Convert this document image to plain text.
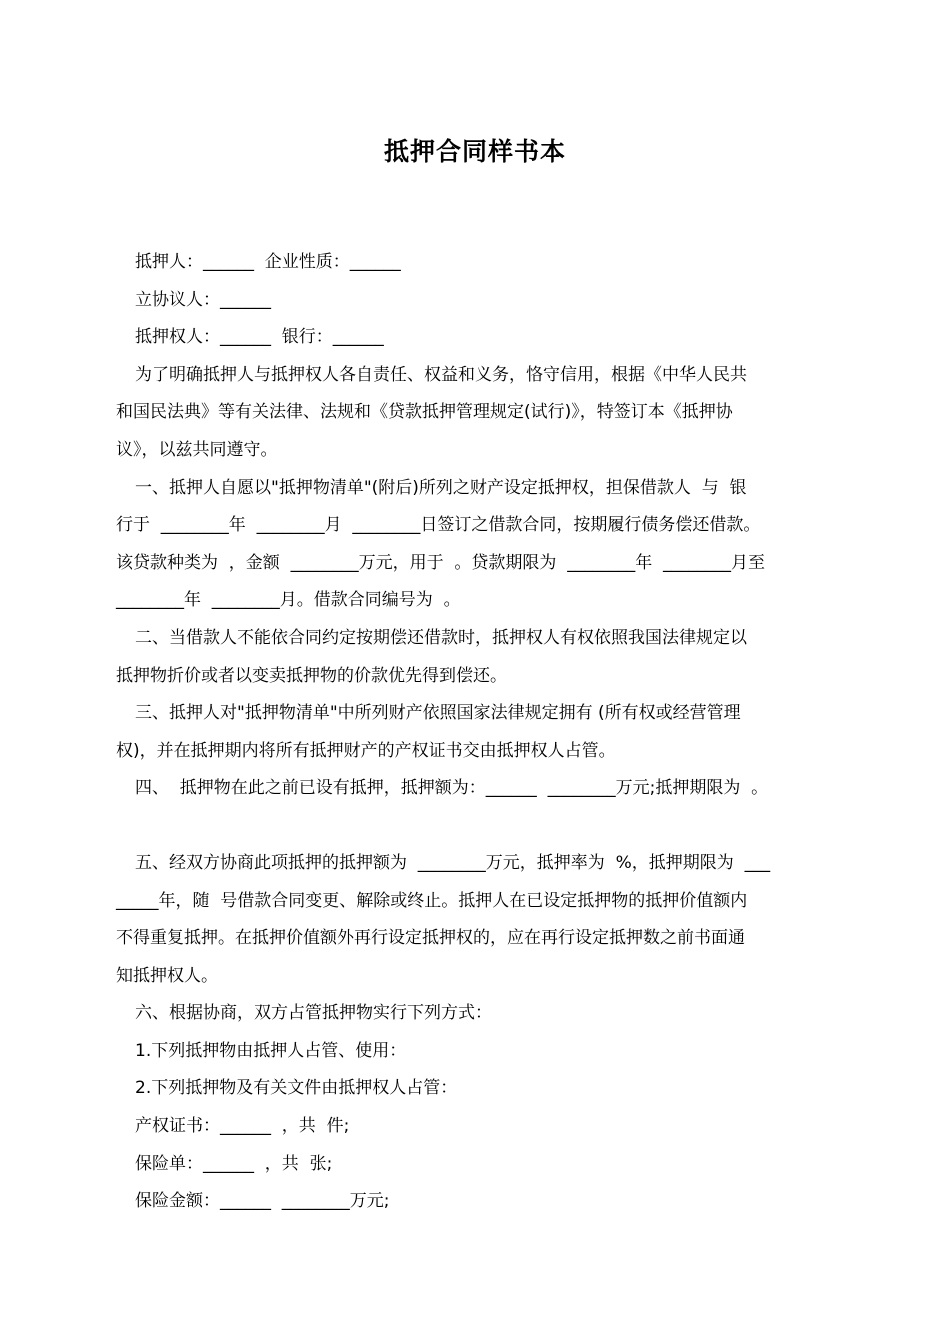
抵押合同样书本

抵押人：______  企业性质：______

立协议人：______

抵押权人：______  银行：______

为了明确抵押人与抵押权人各自责任、权益和义务，恪守信用，根据《中华人民共

和国民法典》等有关法律、法规和《贷款抵押管理规定(试行)》，特签订本《抵押协

议》，以兹共同遵守。

一、抵押人自愿以"抵押物清单"(附后)所列之财产设定抵押权，担保借款人  与  银

行于  ________年  ________月  ________日签订之借款合同，按期履行债务偿还借款。

该贷款种类为  ，金额  ________万元，用于  。贷款期限为  ________年  ________月至

________年  ________月。借款合同编号为  。

二、当借款人不能依合同约定按期偿还借款时，抵押权人有权依照我国法律规定以

抵押物折价或者以变卖抵押物的价款优先得到偿还。

三、抵押人对"抵押物清单"中所列财产依照国家法律规定拥有 (所有权或经营管理

权)，并在抵押期内将所有抵押财产的产权证书交由抵押权人占管。

四、  抵押物在此之前已设有抵押，抵押额为：______  ________万元;抵押期限为  。

五、经双方协商此项抵押的抵押额为  ________万元，抵押率为  %，抵押期限为  ___

_____年，随  号借款合同变更、解除或终止。抵押人在已设定抵押物的抵押价值额内

不得重复抵押。在抵押价值额外再行设定抵押权的，应在再行设定抵押数之前书面通

知抵押权人。

六、根据协商，双方占管抵押物实行下列方式：

1.下列抵押物由抵押人占管、使用：

2.下列抵押物及有关文件由抵押权人占管：

产权证书：______  ，共  件;

保险单：______  ，共  张;

保险金额：______  ________万元;
